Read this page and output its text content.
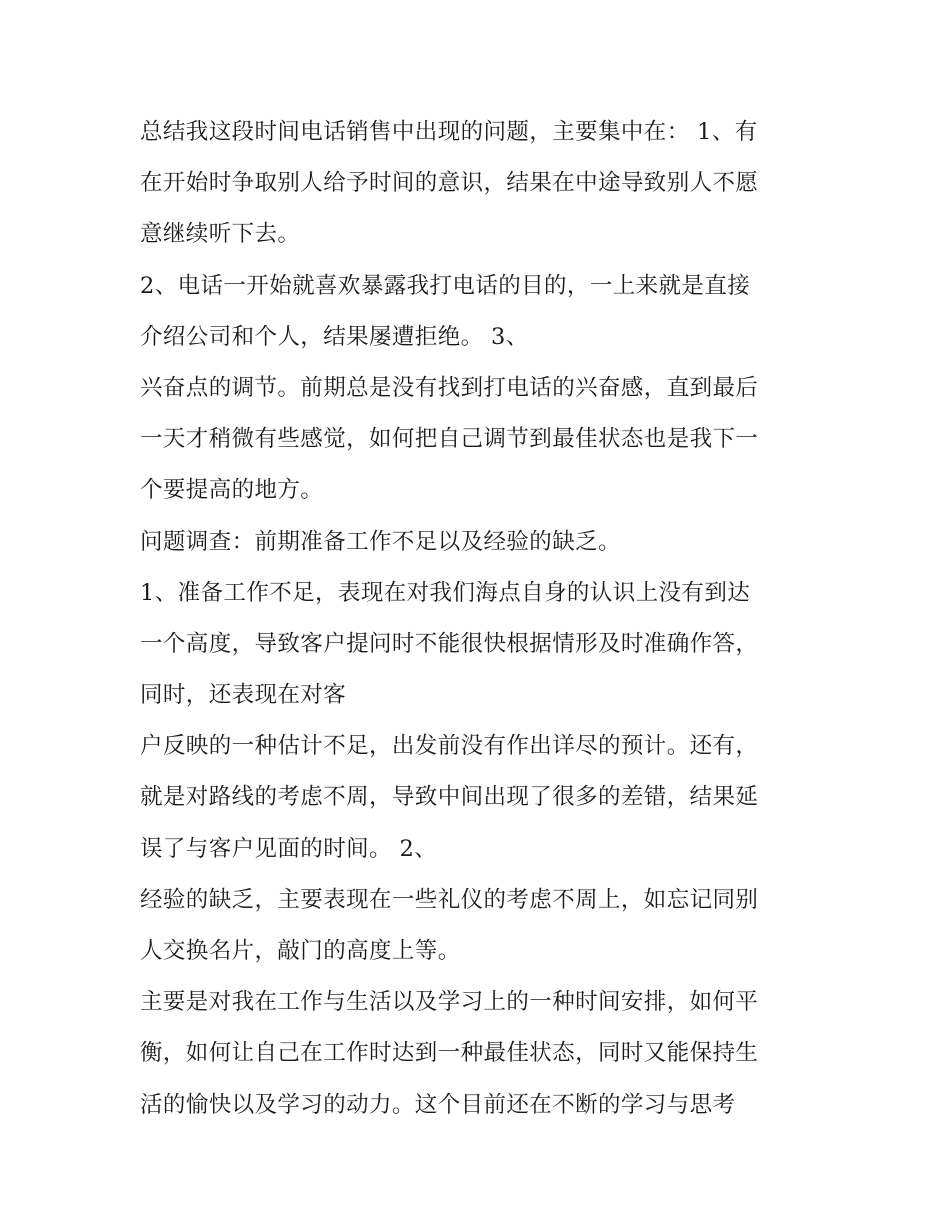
总结我这段时间电话销售中出现的问题，主要集中在： 1、有
在开始时争取别人给予时间的意识，结果在中途导致别人不愿
意继续听下去。
2、电话一开始就喜欢暴露我打电话的目的，一上来就是直接
介绍公司和个人，结果屡遭拒绝。 3、
兴奋点的调节。前期总是没有找到打电话的兴奋感，直到最后
一天才稍微有些感觉，如何把自己调节到最佳状态也是我下一
个要提高的地方。
问题调查：前期准备工作不足以及经验的缺乏。
1、准备工作不足，表现在对我们海点自身的认识上没有到达
一个高度，导致客户提问时不能很快根据情形及时准确作答，
同时，还表现在对客
户反映的一种估计不足，出发前没有作出详尽的预计。还有，
就是对路线的考虑不周，导致中间出现了很多的差错，结果延
误了与客户见面的时间。 2、
经验的缺乏，主要表现在一些礼仪的考虑不周上，如忘记同别
人交换名片，敲门的高度上等。
主要是对我在工作与生活以及学习上的一种时间安排，如何平
衡，如何让自己在工作时达到一种最佳状态，同时又能保持生
活的愉快以及学习的动力。这个目前还在不断的学习与思考
